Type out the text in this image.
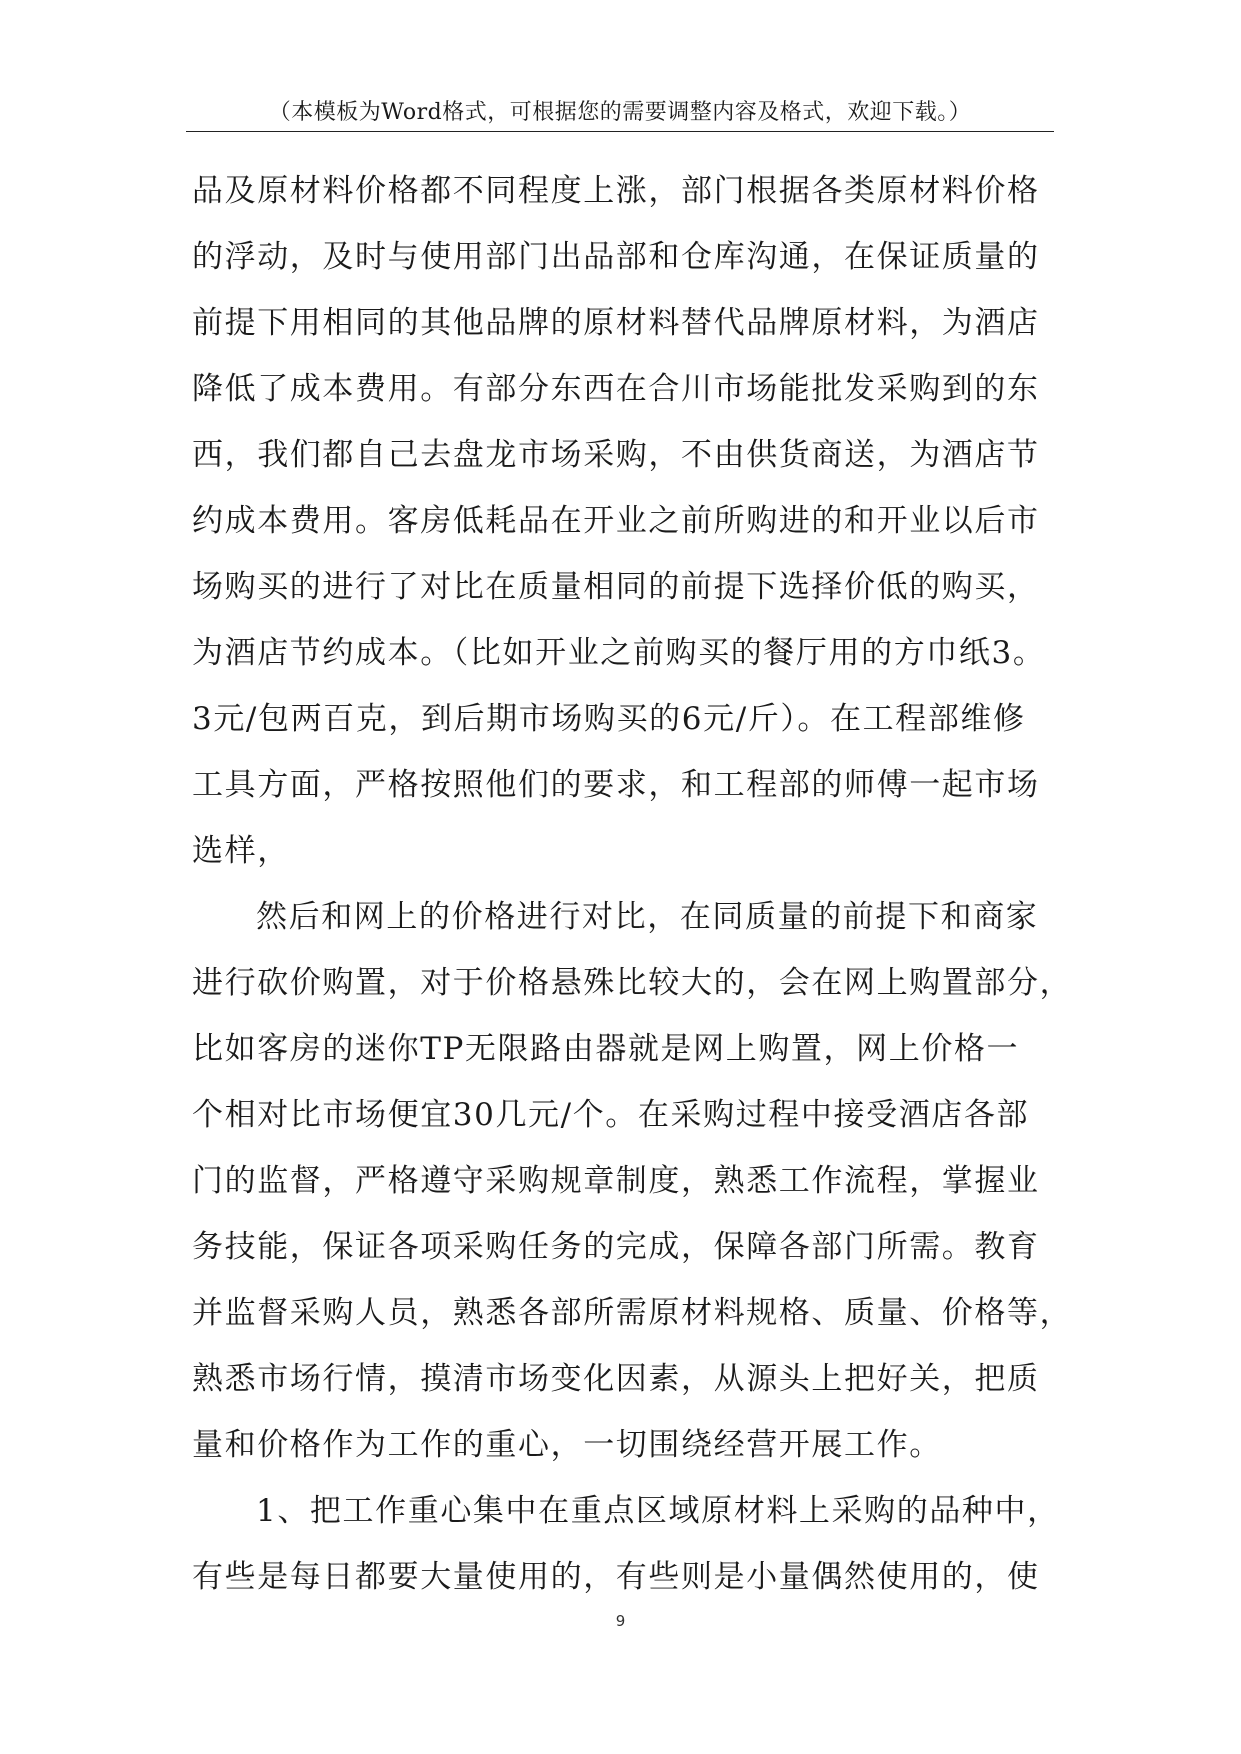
（本模板为Word格式，可根据您的需要调整内容及格式，欢迎下载。）
品及原材料价格都不同程度上涨，部门根据各类原材料价格
的浮动，及时与使用部门出品部和仓库沟通，在保证质量的
前提下用相同的其他品牌的原材料替代品牌原材料，为酒店
降低了成本费用。有部分东西在合川市场能批发采购到的东
西，我们都自己去盘龙市场采购，不由供货商送，为酒店节
约成本费用。客房低耗品在开业之前所购进的和开业以后市
场购买的进行了对比在质量相同的前提下选择价低的购买，
为酒店节约成本。（比如开业之前购买的餐厅用的方巾纸3。
3元/包两百克，到后期市场购买的6元/斤）。在工程部维修
工具方面，严格按照他们的要求，和工程部的师傅一起市场
选样，
然后和网上的价格进行对比，在同质量的前提下和商家
进行砍价购置，对于价格悬殊比较大的，会在网上购置部分，
比如客房的迷你TP无限路由器就是网上购置，网上价格一
个相对比市场便宜30几元/个。在采购过程中接受酒店各部
门的监督，严格遵守采购规章制度，熟悉工作流程，掌握业
务技能，保证各项采购任务的完成，保障各部门所需。教育
并监督采购人员，熟悉各部所需原材料规格、质量、价格等，
熟悉市场行情，摸清市场变化因素，从源头上把好关，把质
量和价格作为工作的重心，一切围绕经营开展工作。
1、把工作重心集中在重点区域原材料上采购的品种中，
有些是每日都要大量使用的，有些则是小量偶然使用的，使
9
